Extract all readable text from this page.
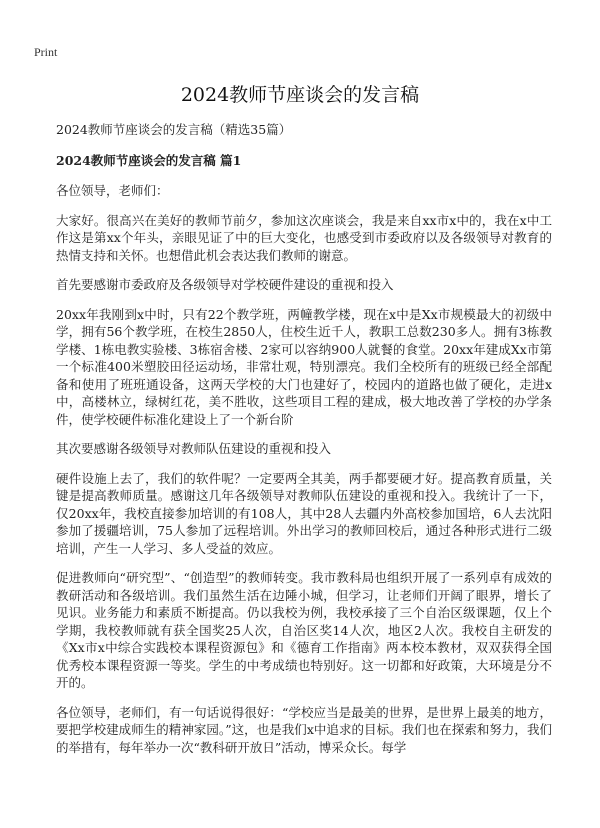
Print
2024教师节座谈会的发言稿

2024教师节座谈会的发言稿（精选35篇）

2024教师节座谈会的发言稿 篇1

各位领导，老师们：

大家好。很高兴在美好的教师节前夕，参加这次座谈会，我是来自xx市x中的，我在x中工作这是第xx个年头，亲眼见证了中的巨大变化，也感受到市委政府以及各级领导对教育的热情支持和关怀。也想借此机会表达我们教师的谢意。

首先要感谢市委政府及各级领导对学校硬件建设的重视和投入

20xx年我刚到x中时，只有22个教学班，两幢教学楼，现在x中是Xx市规模最大的初级中学，拥有56个教学班，在校生2850人，住校生近千人，教职工总数230多人。拥有3栋教学楼、1栋电教实验楼、3栋宿舍楼、2家可以容纳900人就餐的食堂。20xx年建成Xx市第一个标准400米塑胶田径运动场，非常壮观，特别漂亮。我们全校所有的班级已经全部配备和使用了班班通设备，这两天学校的大门也建好了，校园内的道路也做了硬化，走进x中，高楼林立，绿树红花，美不胜收，这些项目工程的建成，极大地改善了学校的办学条件，使学校硬件标准化建设上了一个新台阶

其次要感谢各级领导对教师队伍建设的重视和投入

硬件设施上去了，我们的软件呢？一定要两全其美，两手都要硬才好。提高教育质量，关键是提高教师质量。感谢这几年各级领导对教师队伍建设的重视和投入。我统计了一下，仅20xx年，我校直接参加培训的有108人，其中28人去疆内外高校参加国培，6人去沈阳参加了援疆培训，75人参加了远程培训。外出学习的教师回校后，通过各种形式进行二级培训，产生一人学习、多人受益的效应。

促进教师向“研究型”、“创造型”的教师转变。我市教科局也组织开展了一系列卓有成效的教研活动和各级培训。我们虽然生活在边陲小城，但学习，让老师们开阔了眼界，增长了见识。业务能力和素质不断提高。仍以我校为例，我校承接了三个自治区级课题，仅上个学期，我校教师就有获全国奖25人次，自治区奖14人次，地区2人次。我校自主研发的《Xx市x中综合实践校本课程资源包》和《德育工作指南》两本校本教材，双双获得全国优秀校本课程资源一等奖。学生的中考成绩也特别好。这一切都和好政策，大环境是分不开的。

各位领导，老师们，有一句话说得很好：“学校应当是最美的世界，是世界上最美的地方，要把学校建成师生的精神家园。”这，也是我们x中追求的目标。我们也在探索和努力，我们的举措有，每年举办一次“教科研开放日”活动，博采众长。每学
